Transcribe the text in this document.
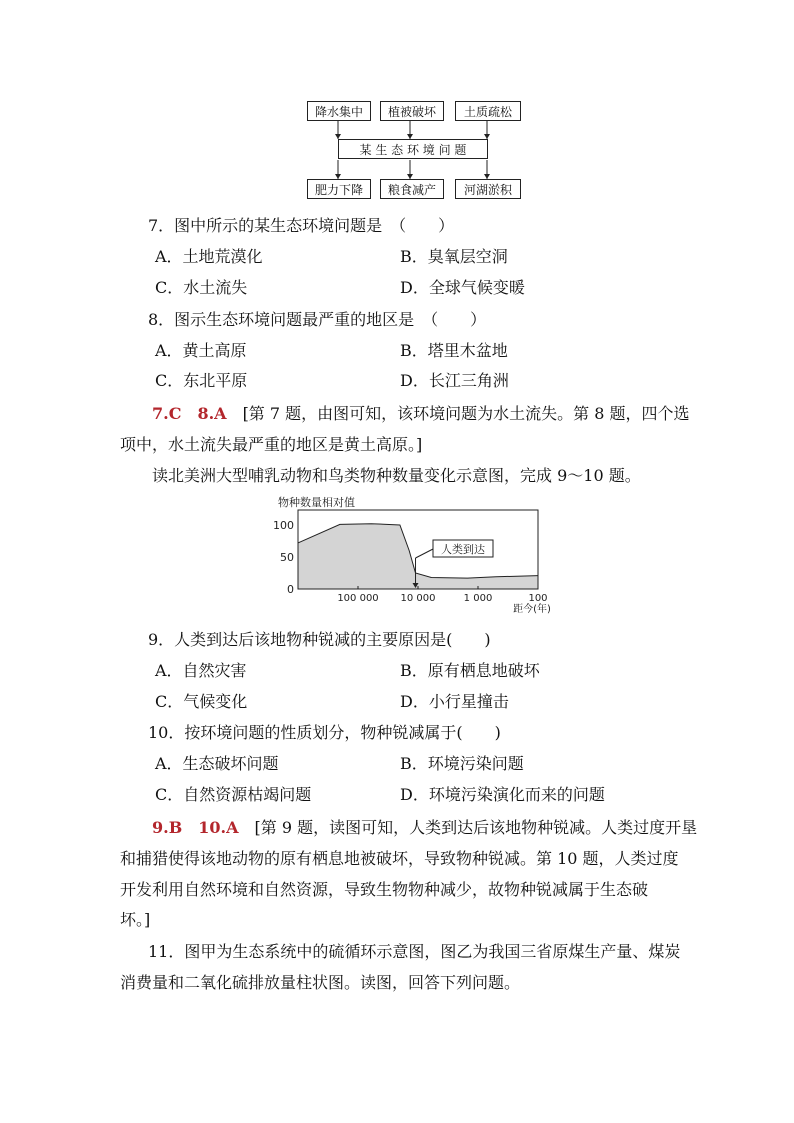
降水集中	植被破坏	土质疏松
某 生 态 环 境 问 题
肥力下降	粮食减产	河湖淤积
7．图中所示的某生态环境问题是　（　　）
A．土地荒漠化	B．臭氧层空洞
C．水土流失	D．全球气候变暖
8．图示生态环境问题最严重的地区是　（　　）
A．黄土高原	B．塔里木盆地
C．东北平原	D．长江三角洲
7.C　8.A　[第 7 题，由图可知，该环境问题为水土流失。第 8 题，四个选
项中，水土流失最严重的地区是黄土高原。]
读北美洲大型哺乳动物和鸟类物种数量变化示意图，完成 9～10 题。
物种数量相对值
100
50
0
100 000 10 000	1 000	100
距今(年)
人类到达
9．人类到达后该地物种锐减的主要原因是(　　)
A．自然灾害	B．原有栖息地破坏
C．气候变化	D．小行星撞击
10．按环境问题的性质划分，物种锐减属于(　　)
A．生态破坏问题	B．环境污染问题
C．自然资源枯竭问题	D．环境污染演化而来的问题
9.B　10.A　[第 9 题，读图可知，人类到达后该地物种锐减。人类过度开垦
和捕猎使得该地动物的原有栖息地被破坏，导致物种锐减。第 10 题，人类过度
开发利用自然环境和自然资源，导致生物物种减少，故物种锐减属于生态破
坏。]
11．图甲为生态系统中的硫循环示意图，图乙为我国三省原煤生产量、煤炭
消费量和二氧化硫排放量柱状图。读图，回答下列问题。
